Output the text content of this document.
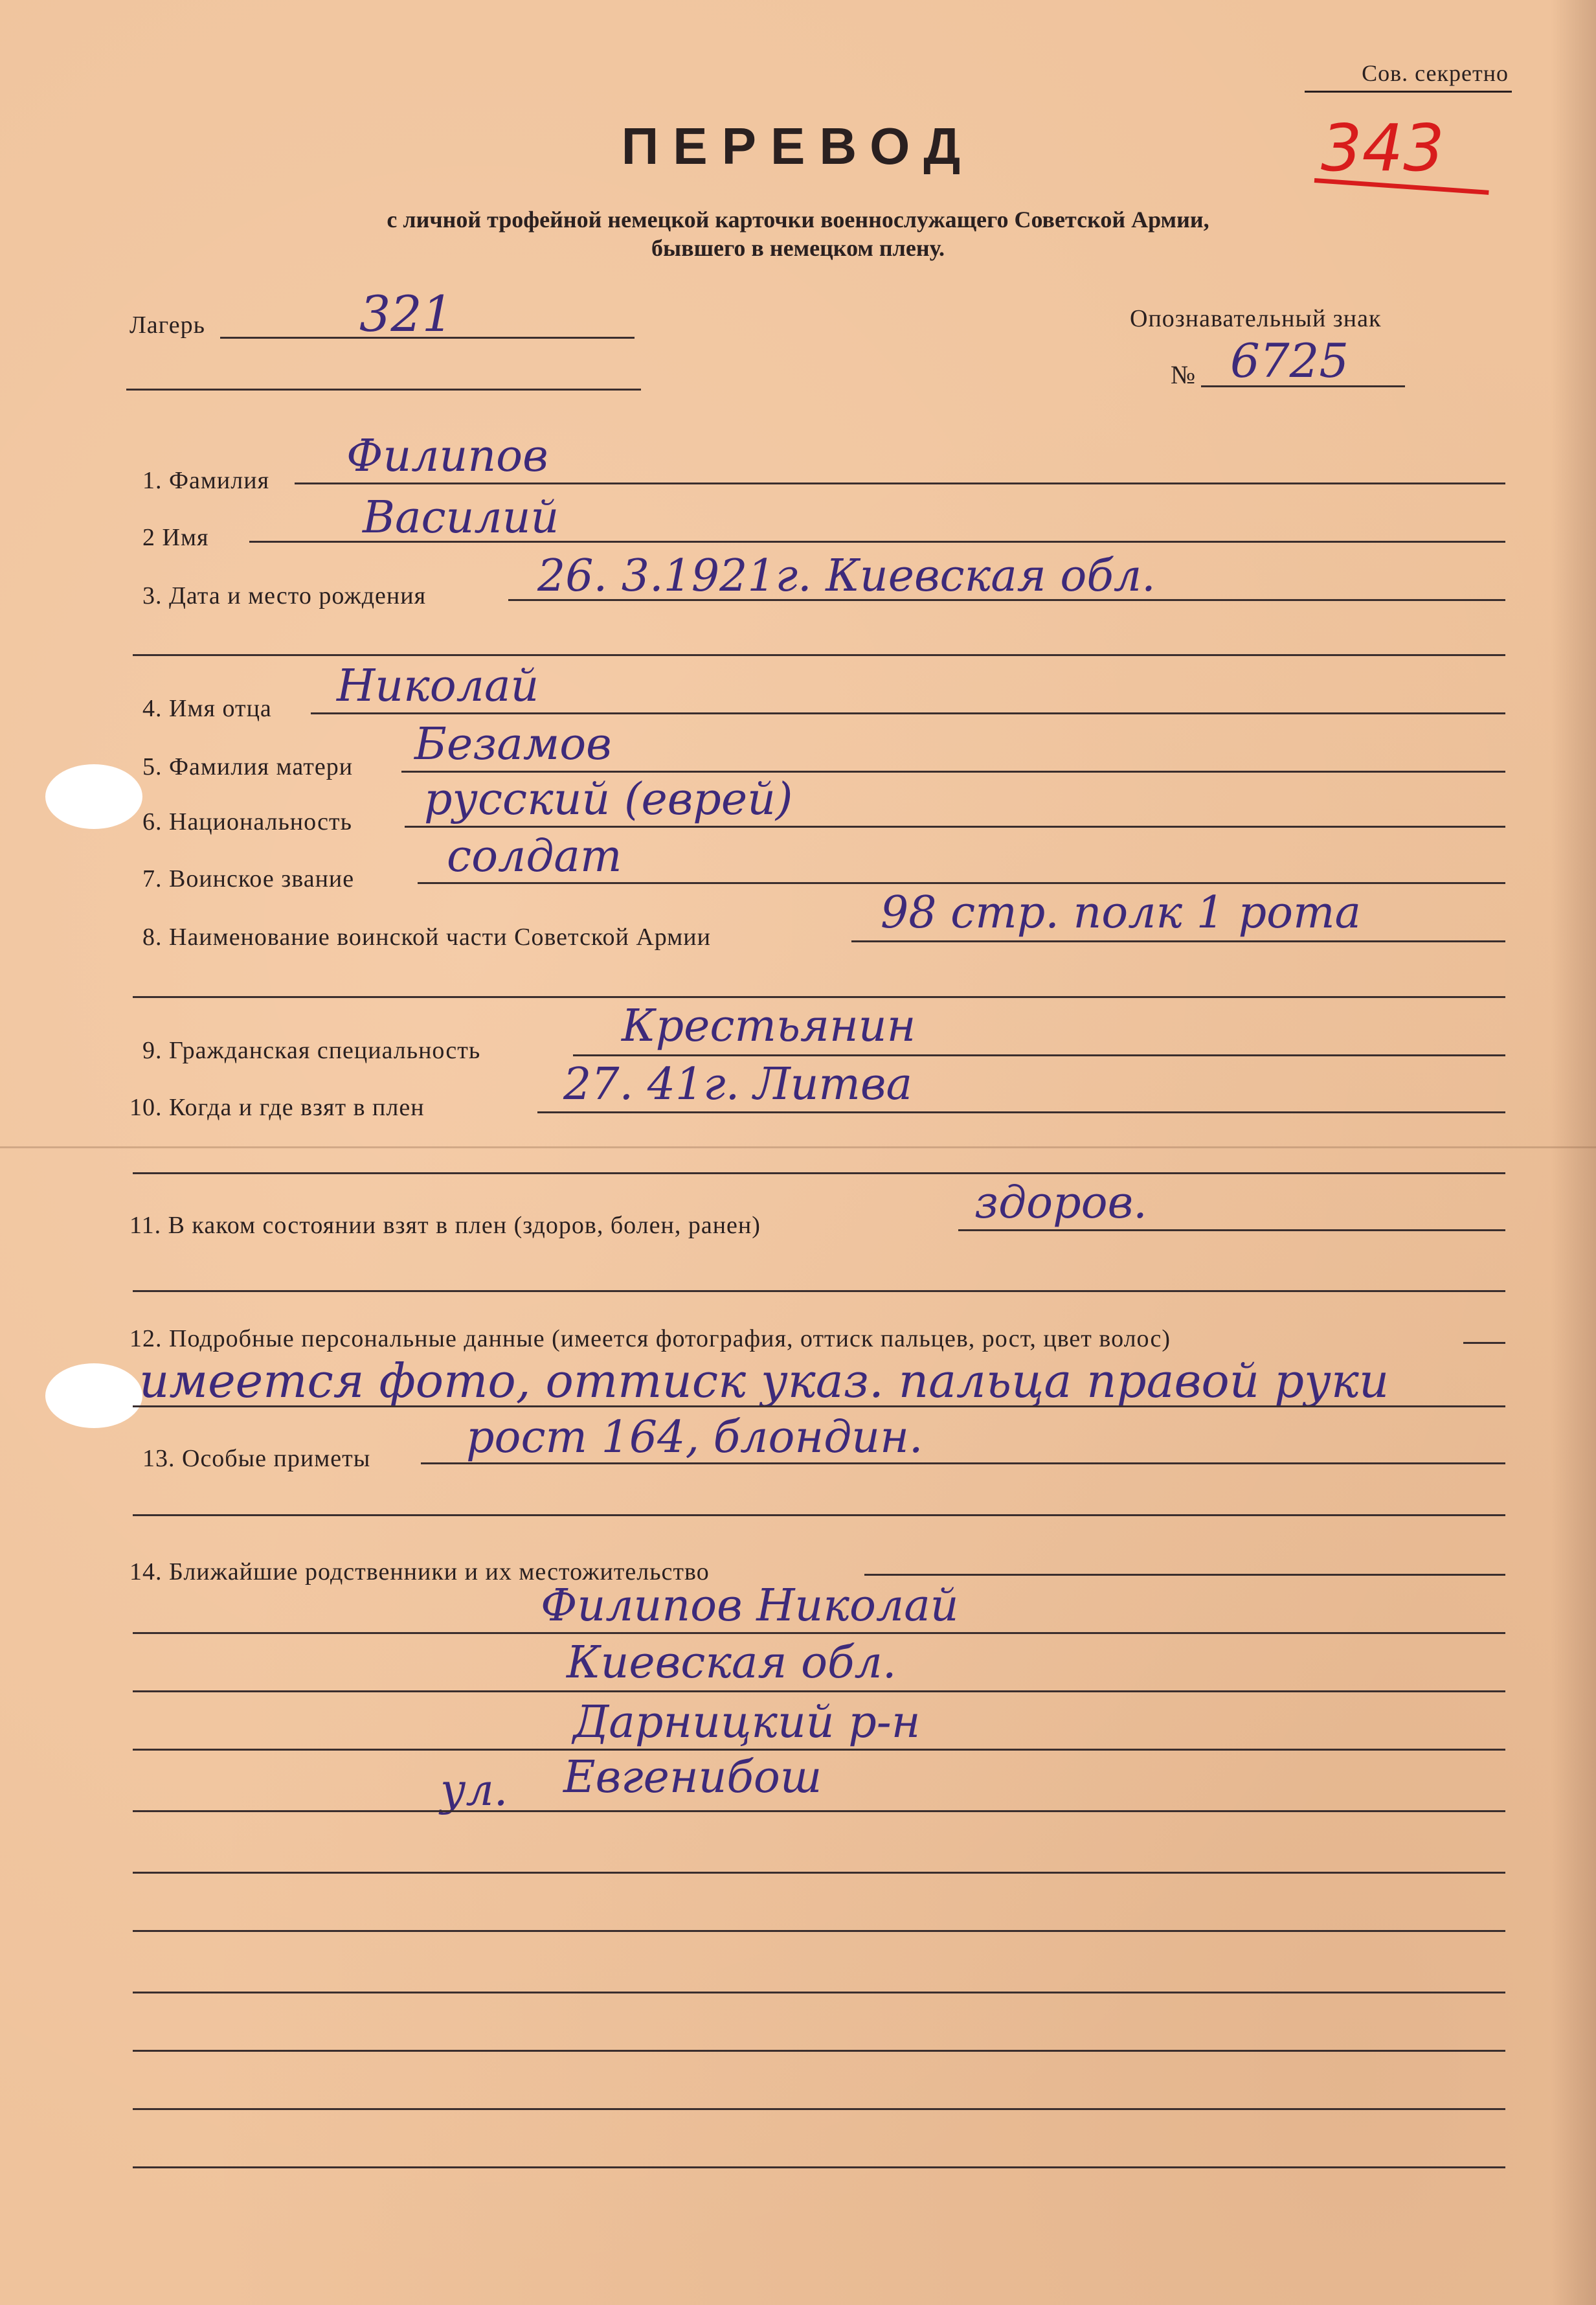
Сов. секретно
343
ПЕРЕВОД
с личной трофейной немецкой карточки военнослужащего Советской Армии,
бывшего в немецком плену.
Лагерь	321	Опознавательный знак
№ 6725
1. Фамилия Филипов
2 Имя	Василий
3. Дата и место рождения	26. 3.1921г. Киевская обл.
4. Имя отца Николай
5. Фамилия матери Безамов
6. Национальность русский (еврей)
7. Воинское звание солдат
8. Наименование воинской части Советской Армии	98 стр. полк 1 рота
9. Гражданская специальность	Крестьянин
10. Когда и где взят в плен	27. 41г. Литва
11. В каком состоянии взят в плен (здоров, болен, ранен)	здоров.
12. Подробные персональные данные (имеется фотография, оттиск пальцев, рост, цвет волос)
имеется фото, оттиск указ. пальца правой руки
13. Особые приметы рост 164, блондин.
14. Ближайшие родственники и их местожительство
Филипов Николай
Киевская обл.
Дарницкий р-н
ул. Евгенибош
